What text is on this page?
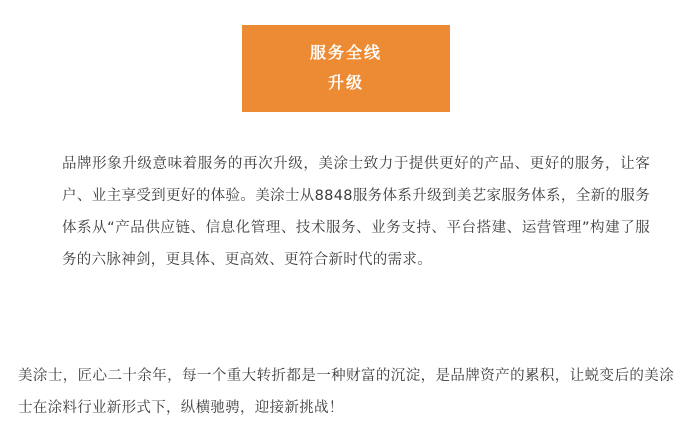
服务全线
升级

品牌形象升级意味着服务的再次升级，美涂士致力于提供更好的产品、更好的服务，让客户、业主享受到更好的体验。美涂士从8848服务体系升级到美艺家服务体系，全新的服务体系从“产品供应链、信息化管理、技术服务、业务支持、平台搭建、运营管理”构建了服务的六脉神剑，更具体、更高效、更符合新时代的需求。

美涂士，匠心二十余年，每一个重大转折都是一种财富的沉淀，是品牌资产的累积，让蜕变后的美涂士在涂料行业新形式下，纵横驰骋，迎接新挑战！
